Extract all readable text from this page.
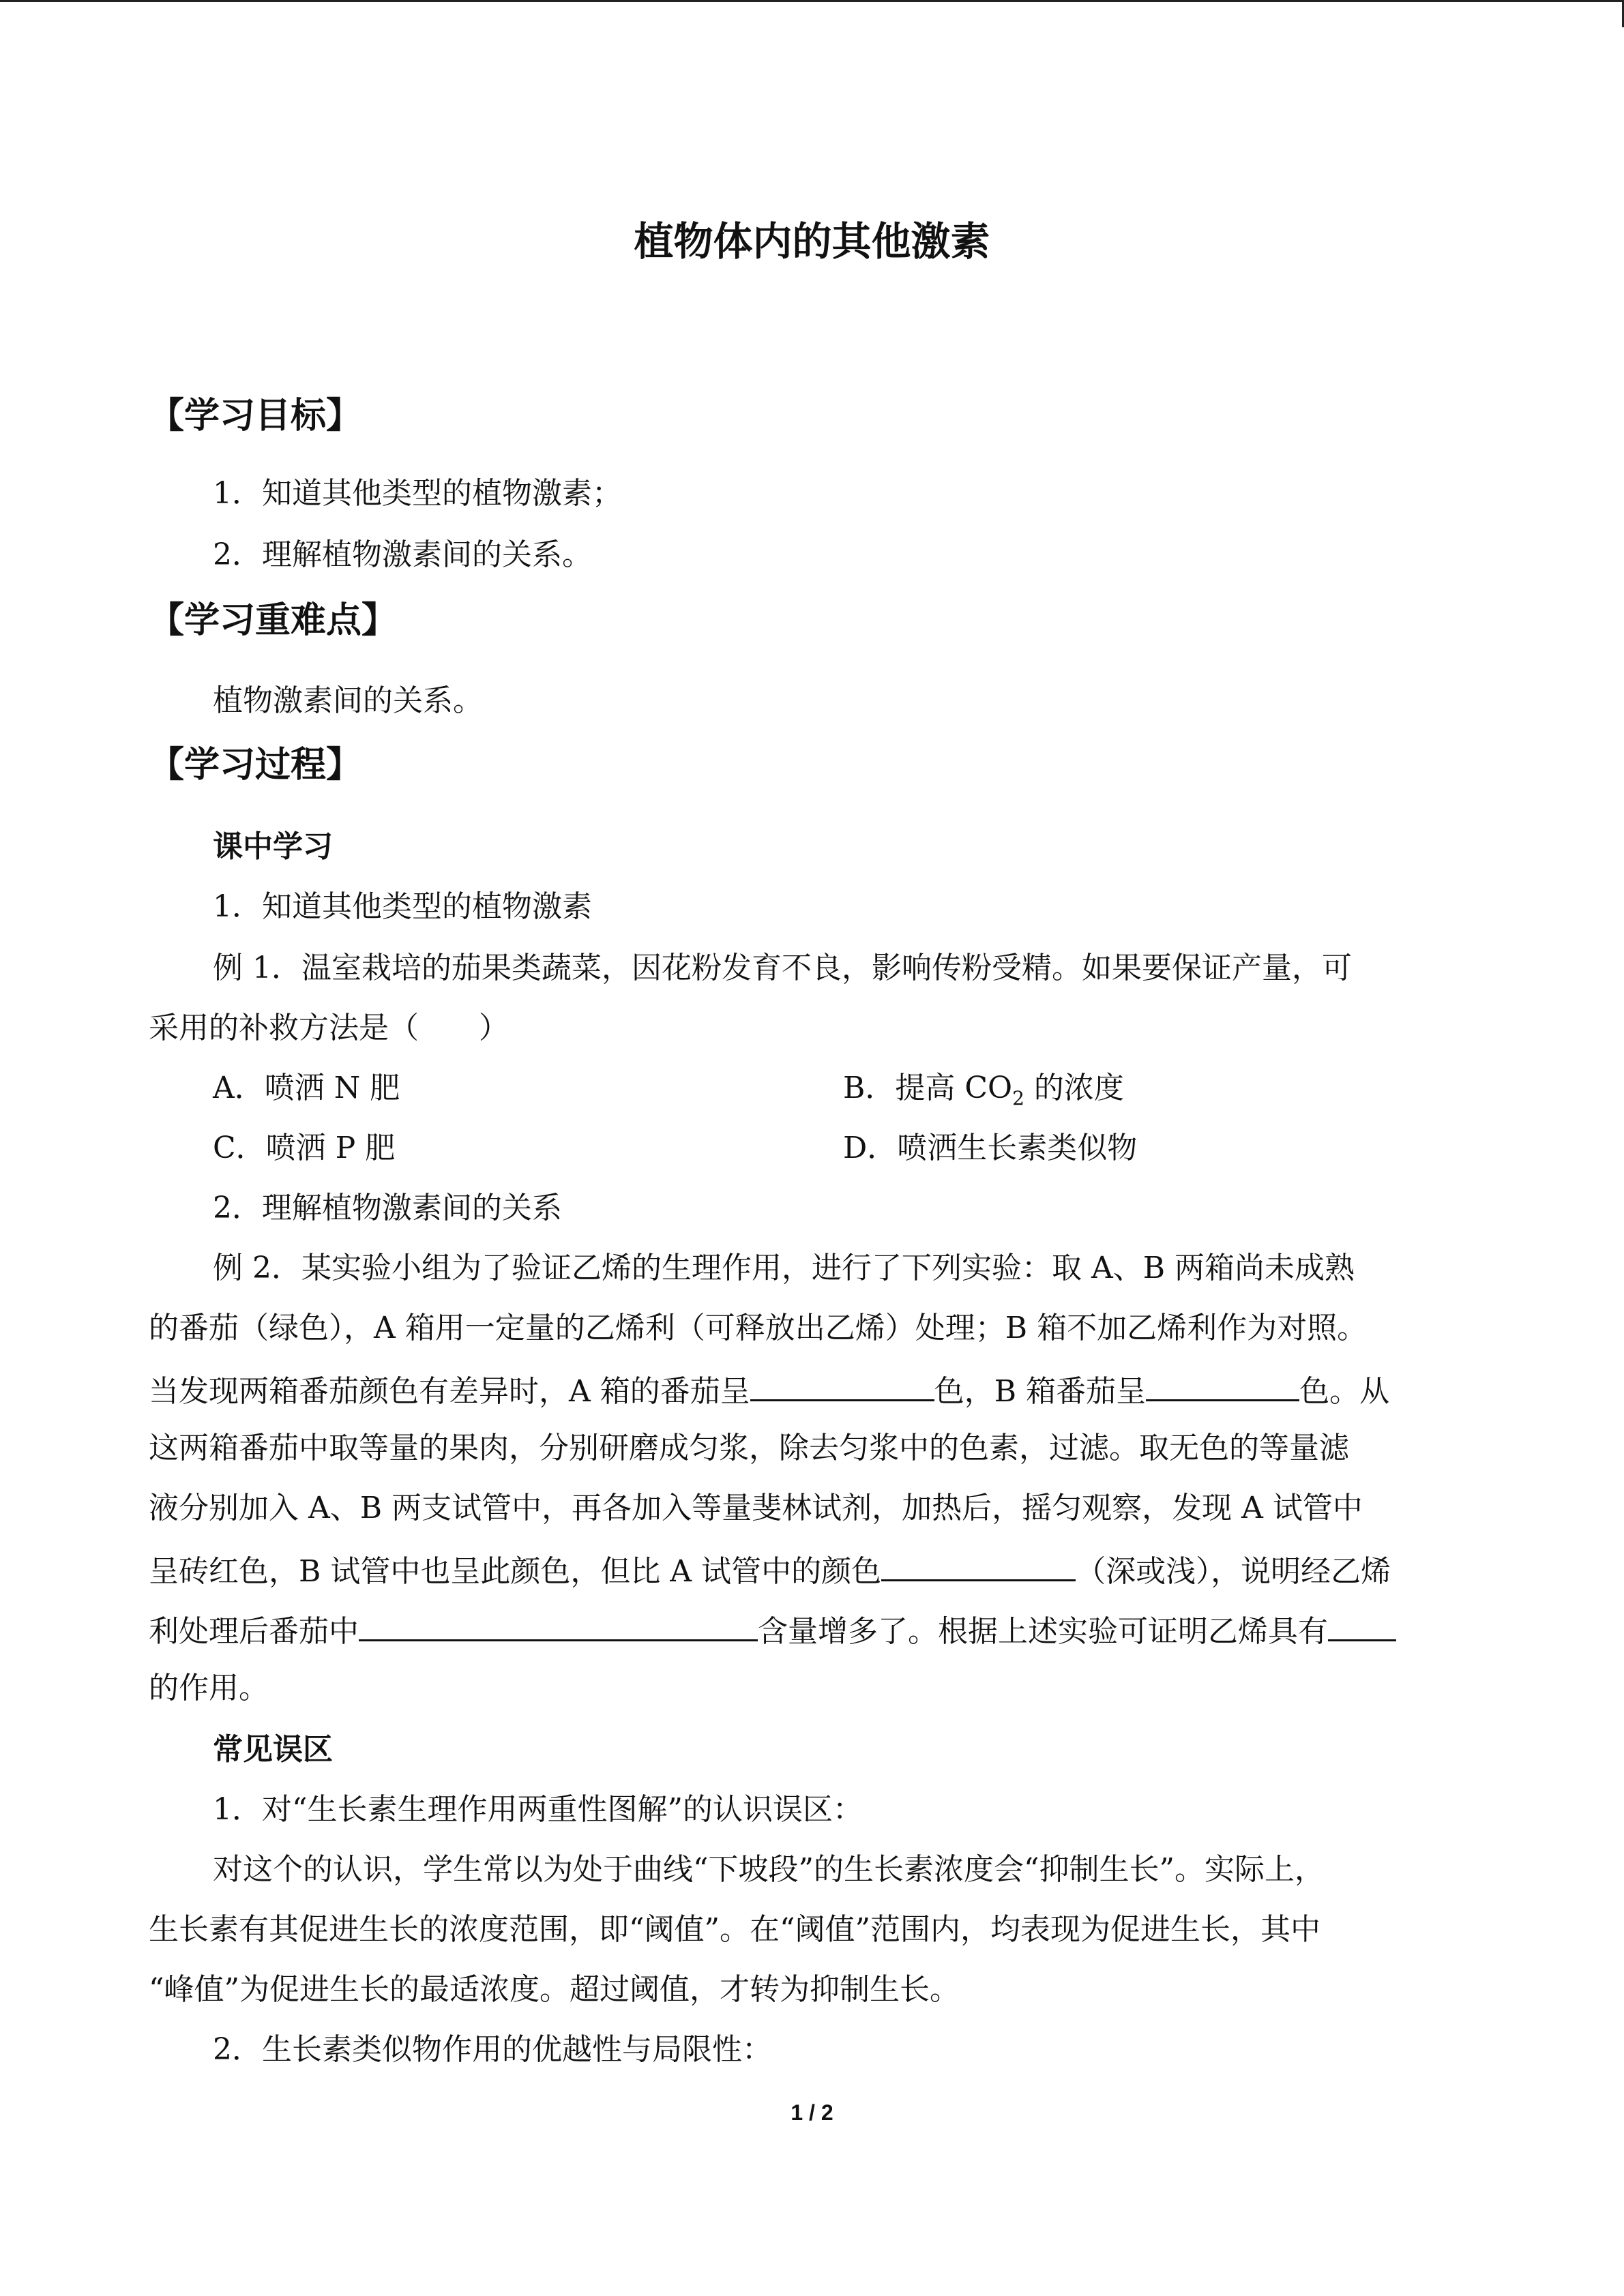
植物体内的其他激素
【学习目标】
1．知道其他类型的植物激素；
2．理解植物激素间的关系。
【学习重难点】
植物激素间的关系。
【学习过程】
课中学习
1．知道其他类型的植物激素
例 1．温室栽培的茄果类蔬菜，因花粉发育不良，影响传粉受精。如果要保证产量，可
采用的补救方法是（　　）
A．喷洒 N 肥	B．提高 $CO_2$ 的浓度
C．喷洒 P 肥	D．喷洒生长素类似物
2．理解植物激素间的关系
例 2．某实验小组为了验证乙烯的生理作用，进行了下列实验：取 A、B 两箱尚未成熟
的番茄（绿色），A 箱用一定量的乙烯利（可释放出乙烯）处理；B 箱不加乙烯利作为对照。
当发现两箱番茄颜色有差异时，A 箱的番茄呈	色，B 箱番茄呈	色。从
这两箱番茄中取等量的果肉，分别研磨成匀浆，除去匀浆中的色素，过滤。取无色的等量滤
液分别加入 A、B 两支试管中，再各加入等量斐林试剂，加热后，摇匀观察，发现 A 试管中
呈砖红色，B 试管中也呈此颜色，但比 A 试管中的颜色	（深或浅），说明经乙烯
利处理后番茄中	含量增多了。根据上述实验可证明乙烯具有
的作用。
常见误区
1．对“生长素生理作用两重性图解”的认识误区：
对这个的认识，学生常以为处于曲线“下坡段”的生长素浓度会“抑制生长”。实际上，
生长素有其促进生长的浓度范围，即“阈值”。在“阈值”范围内，均表现为促进生长，其中
“峰值”为促进生长的最适浓度。超过阈值，才转为抑制生长。
2．生长素类似物作用的优越性与局限性：
1 / 2
